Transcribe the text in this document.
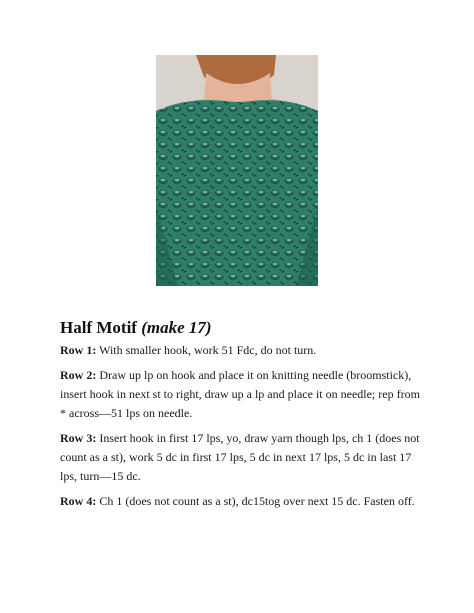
Half Motif (make 17)

Row 1: With smaller hook, work 51 Fdc, do not turn.

Row 2: Draw up lp on hook and place it on knitting needle (broomstick), insert hook in next st to right, draw up a lp and place it on needle; rep from * across—51 lps on needle.

Row 3: Insert hook in first 17 lps, yo, draw yarn though lps, ch 1 (does not count as a st), work 5 dc in first 17 lps, 5 dc in next 17 lps, 5 dc in last 17 lps, turn—15 dc.

Row 4: Ch 1 (does not count as a st), dc15tog over next 15 dc. Fasten off.
